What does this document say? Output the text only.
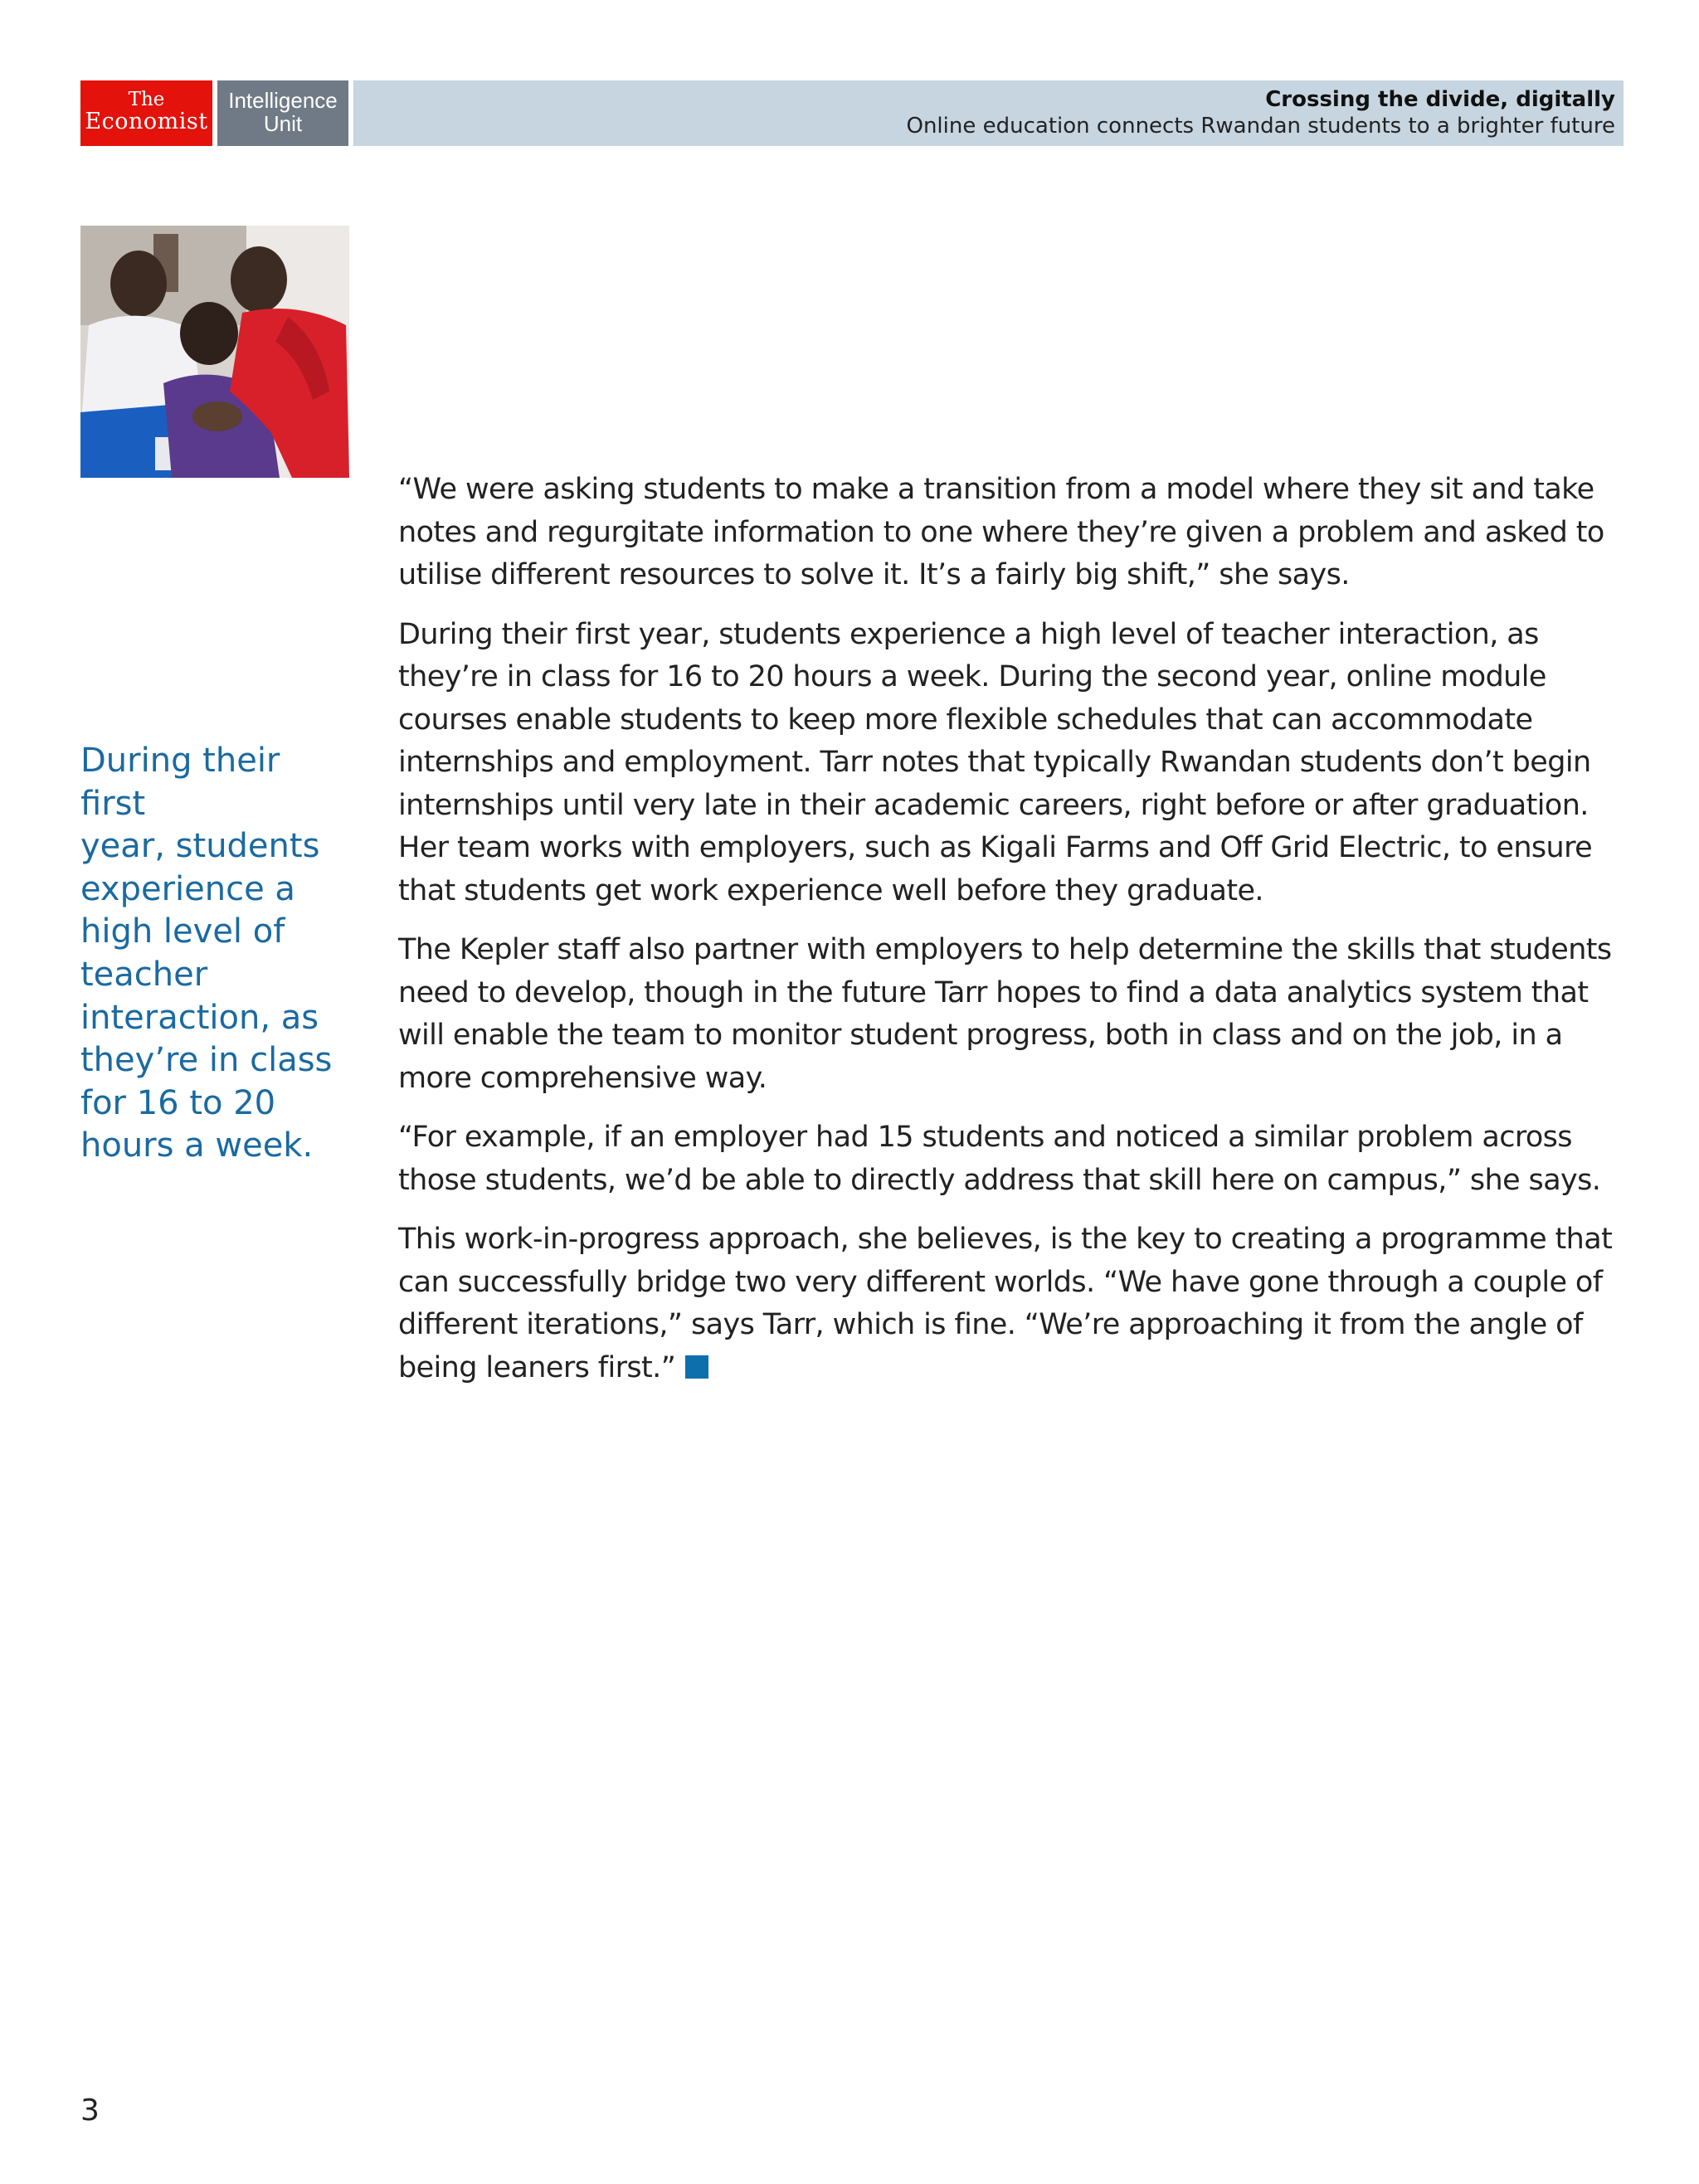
The
Economist
Intelligence
Unit
Crossing the divide, digitally
Online education connects Rwandan students to a brighter future
During their first
year, students
experience a
high level of
teacher
interaction, as
they’re in class
for 16 to 20
hours a week.

“We were asking students to make a transition from a model where they sit and take notes and regurgitate information to one where they’re given a problem and asked to utilise different resources to solve it. It’s a fairly big shift,” she says.

During their first year, students experience a high level of teacher interaction, as they’re in class for 16 to 20 hours a week. During the second year, online module courses enable students to keep more flexible schedules that can accommodate internships and employment. Tarr notes that typically Rwandan students don’t begin internships until very late in their academic careers, right before or after graduation. Her team works with employers, such as Kigali Farms and Off Grid Electric, to ensure that students get work experience well before they graduate.

The Kepler staff also partner with employers to help determine the skills that students need to develop, though in the future Tarr hopes to find a data analytics system that will enable the team to monitor student progress, both in class and on the job, in a more comprehensive way.

“For example, if an employer had 15 students and noticed a similar problem across those students, we’d be able to directly address that skill here on campus,” she says.

This work-in-progress approach, she believes, is the key to creating a programme that can successfully bridge two very different worlds. “We have gone through a couple of different iterations,” says Tarr, which is fine. “We’re approaching it from the angle of being leaners first.”

3
